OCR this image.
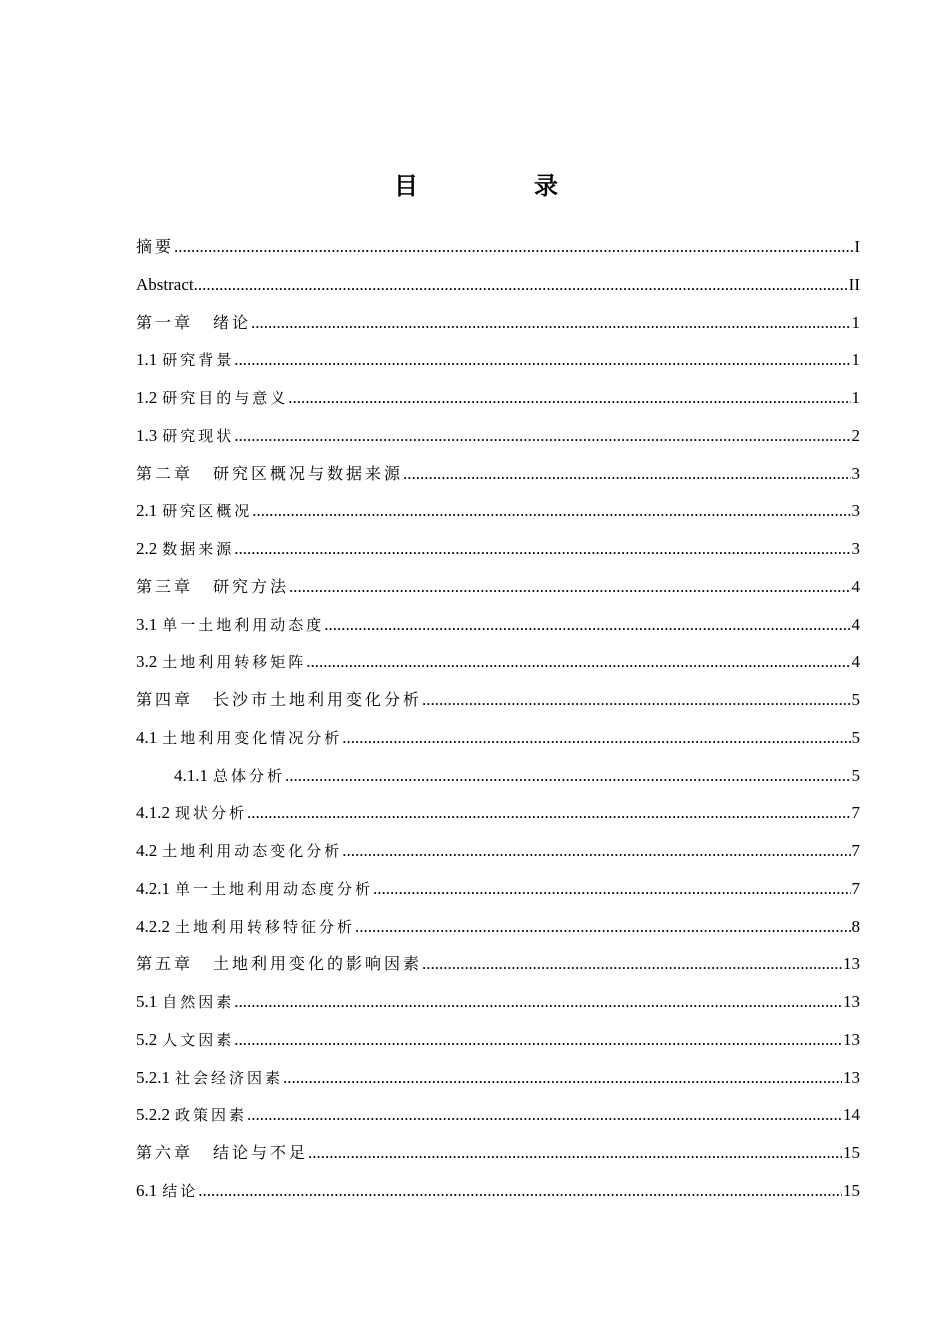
目　录
摘要 .....	I
Abstract .....	II
第一章 绪论 .....	1
1.1 研究背景 .....	1
1.2 研究目的与意义 .....	1
1.3 研究现状 .....	2
第二章 研究区概况与数据来源 .....	3
2.1 研究区概况 .....	3
2.2 数据来源 .....	3
第三章 研究方法 .....	4
3.1 单一土地利用动态度 .....	4
3.2 土地利用转移矩阵 .....	4
第四章 长沙市土地利用变化分析 .....	5
4.1 土地利用变化情况分析 .....	5
4.1.1 总体分析 .....	5
4.1.2 现状分析 .....	7
4.2 土地利用动态变化分析 .....	7
4.2.1 单一土地利用动态度分析 .....	7
4.2.2 土地利用转移特征分析 .....	8
第五章 土地利用变化的影响因素 .....	13
5.1 自然因素 .....	13
5.2 人文因素 .....	13
5.2.1 社会经济因素 .....	13
5.2.2 政策因素 .....	14
第六章 结论与不足 .....	15
6.1 结论 .....	15
